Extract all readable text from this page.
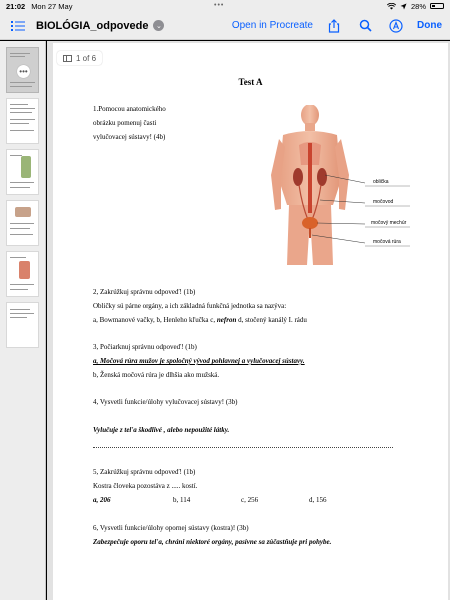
21:02 Mon 27 May	•••	28%
BIOLÓGIA_odpovede	⌄	Open in Procreate	Done
•••
Test A
1.Pomocou anatomického
obrázku pomenuj časti
vylučovacej sústavy! (4b)
oblička
močovod
močový mechúr
močová rúra
2, Zakrúžkuj správnu odpoveď! (1b)
Obličky sú párne orgány, a ich základná funkčná jednotka sa nazýva:
a, Bowmanové vačky, b, Henleho kľučka c, nefron d, stočený kanálý I. rádu
3, Počiarknuj správnu odpoveď! (1b)
a, Močová rúra mužov je spoločný vývod pohlavnej a vylučovacej sústavy.
b, Ženská močová rúra je dlhšia ako mužská.
4, Vysvetli funkcie/úlohy vylučovacej sústavy! (3b)
Vylučuje z tel'a škodlivé , alebo nepoužité látky.
5, Zakrúžkuj správnu odpoveď! (1b)
Kostra človeka pozostáva z ..... kostí.
a, 206	b, 114	c, 256	d, 156
6, Vysvetli funkcie/úlohy opornej sústavy (kostra)! (3b)
Zabezpečuje oporu tel'a, chráni niektoré orgány, pasívne sa zúčastňuje pri pohybe.
1 of 6
